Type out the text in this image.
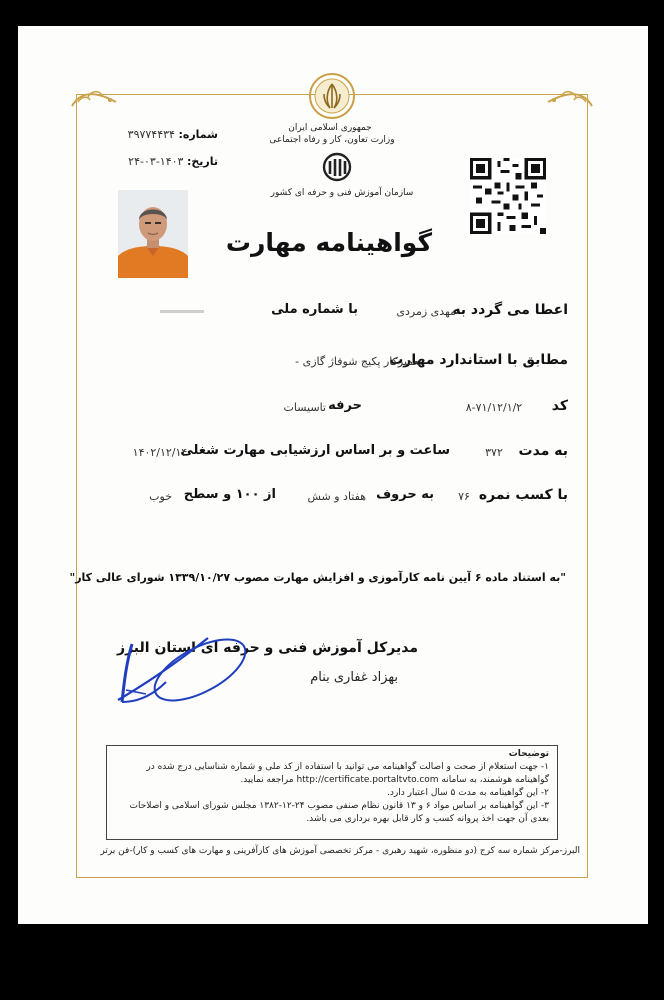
جمهوری اسلامی ایران
وزارت تعاون، کار و رفاه اجتماعی
سازمان آموزش فنی و حرفه ای کشور
گواهینامه مهارت
شماره: ۳۹۷۷۴۴۳۴
تاریخ: ۱۴۰۳-۰۳-۲۴
اعطا می گردد به
مهدی زمردی
با شماره ملی
مطابق با استاندارد مهارت
تعمیرکار پکیج شوفاژ گازی -
کد
۸-۷۱/۱۲/۱/۲
حرفه
تاسیسات
به مدت
۳۷۲
ساعت و بر اساس ارزشیابی مهارت شغلی
۱۴۰۲/۱۲/۱۴
با کسب نمره
۷۶
به حروف
هفتاد و شش
از ۱۰۰ و سطح
خوب
"به استناد ماده ۶ آیین نامه کارآموزی و افزایش مهارت مصوب ۱۳۳۹/۱۰/۲۷ شورای عالی کار"
مدیرکل آموزش فنی و حرفه ای استان البرز
بهزاد غفاری بنام
توضیحات
۱- جهت استعلام از صحت و اصالت گواهینامه می توانید با استفاده از کد ملی و شماره شناسایی درج شده در گواهینامه هوشمند، به سامانه http://certificate.portaltvto.com مراجعه نمایید.
۲- این گواهینامه به مدت ۵ سال اعتبار دارد.
۳- این گواهینامه بر اساس مواد ۶ و ۱۳ قانون نظام صنفی مصوب ۲۴-۱۲-۱۳۸۲ مجلس شورای اسلامی و اصلاحات بعدی آن جهت اخذ پروانه کسب و کار قابل بهره برداری می باشد.
البرز-مرکز شماره سه کرج (دو منظوره، شهید رهبری - مرکز تخصصی آموزش های کارآفرینی و مهارت های کسب و کار)-فن برتر
